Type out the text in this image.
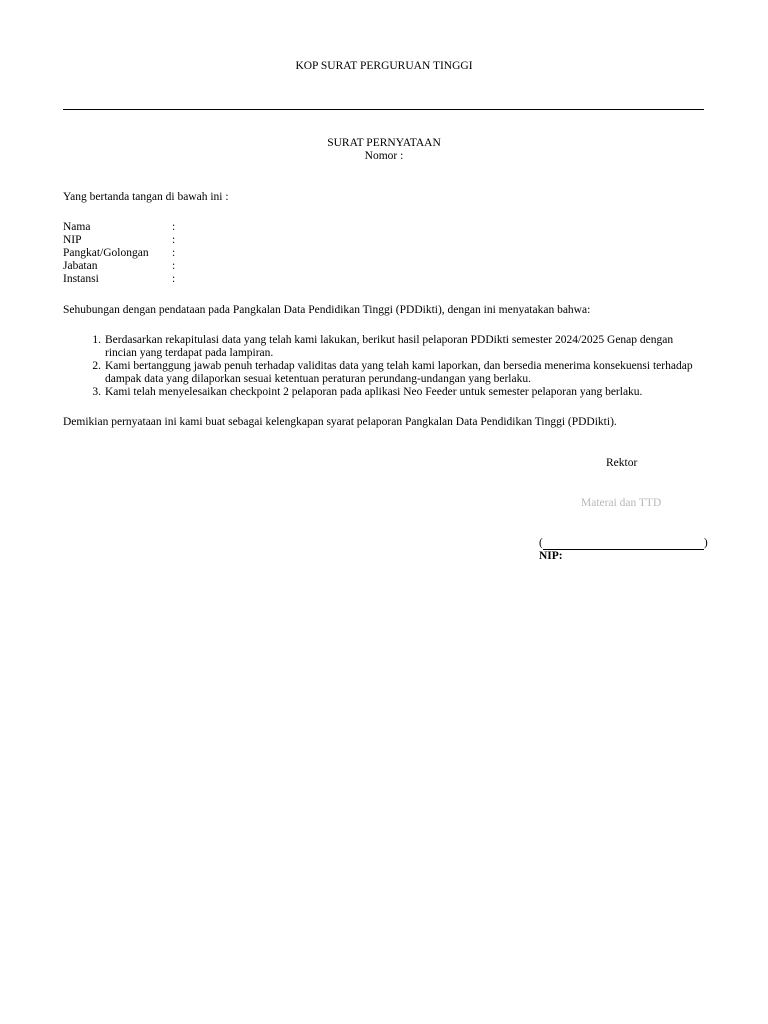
KOP SURAT PERGURUAN TINGGI
SURAT PERNYATAAN
Nomor :
Yang bertanda tangan di bawah ini :
Nama	:
NIP	:
Pangkat/Golongan	:
Jabatan	:
Instansi	:
Sehubungan dengan pendataan pada Pangkalan Data Pendidikan Tinggi (PDDikti), dengan ini menyatakan bahwa:
1. Berdasarkan rekapitulasi data yang telah kami lakukan, berikut hasil pelaporan PDDikti semester 2024/2025 Genap dengan rincian yang terdapat pada lampiran.
2. Kami bertanggung jawab penuh terhadap validitas data yang telah kami laporkan, dan bersedia menerima konsekuensi terhadap dampak data yang dilaporkan sesuai ketentuan peraturan perundang-undangan yang berlaku.
3. Kami telah menyelesaikan checkpoint 2 pelaporan pada aplikasi Neo Feeder untuk semester pelaporan yang berlaku.
Demikian pernyataan ini kami buat sebagai kelengkapan syarat pelaporan Pangkalan Data Pendidikan Tinggi (PDDikti).
Rektor
Materai dan TTD
(	)
NIP:
